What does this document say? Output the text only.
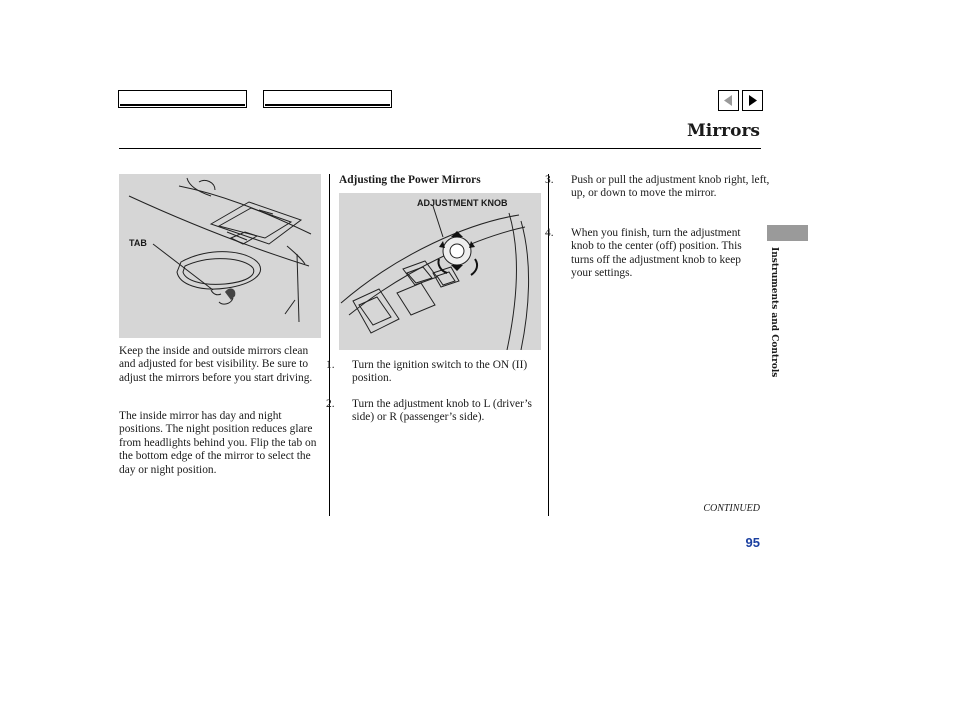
Mirrors
TAB
Keep the inside and outside mirrors clean and adjusted for best visibility. Be sure to adjust the mirrors before you start driving.
The inside mirror has day and night positions. The night position reduces glare from headlights behind you. Flip the tab on the bottom edge of the mirror to select the day or night position.
Adjusting the Power Mirrors
ADJUSTMENT KNOB
1. Turn the ignition switch to the ON (II) position.
2. Turn the adjustment knob to L (driver’s side) or R (passenger’s side).
3. Push or pull the adjustment knob right, left, up, or down to move the mirror.
4. When you finish, turn the adjustment knob to the center (off) position. This turns off the adjustment knob to keep your settings.	Instruments and Controls
CONTINUED
95
